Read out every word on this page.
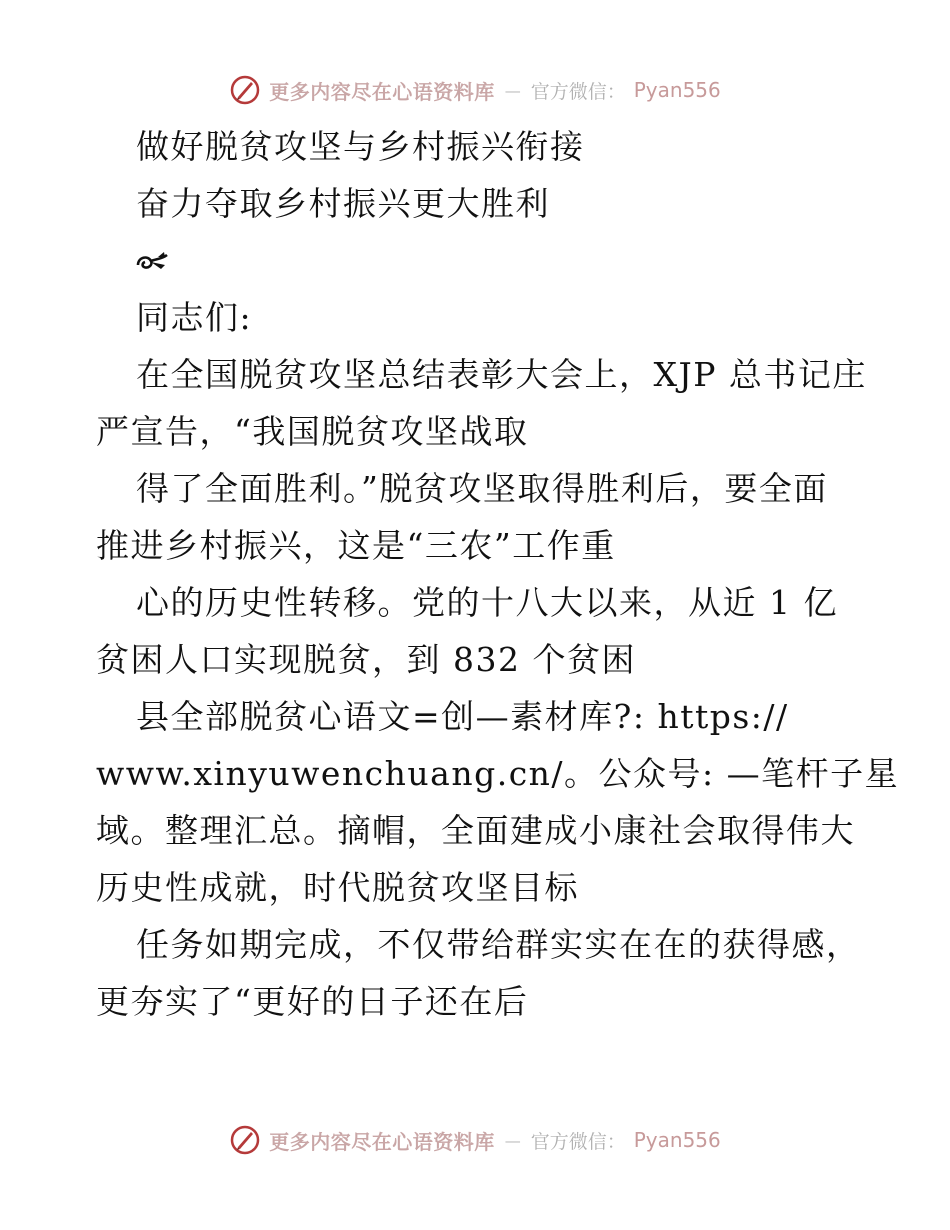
更多内容尽在心语资料库 — 官方微信： Pyan556
做好脱贫攻坚与乡村振兴衔接
奋力夺取乡村振兴更大胜利
同志们:
在全国脱贫攻坚总结表彰大会上，XJP 总书记庄
严宣告，“我国脱贫攻坚战取
得了全面胜利。”脱贫攻坚取得胜利后，要全面
推进乡村振兴，这是“三农”工作重
心的历史性转移。党的十八大以来，从近 1 亿
贫困人口实现脱贫，到 832 个贫困
县全部脱贫心语文=创—素材库?: https://
www.xinyuwenchuang.cn/。公众号: —笔杆子星
域。整理汇总。摘帽，全面建成小康社会取得伟大
历史性成就，时代脱贫攻坚目标
任务如期完成，不仅带给群实实在在的获得感，
更夯实了“更好的日子还在后
更多内容尽在心语资料库 — 官方微信： Pyan556
